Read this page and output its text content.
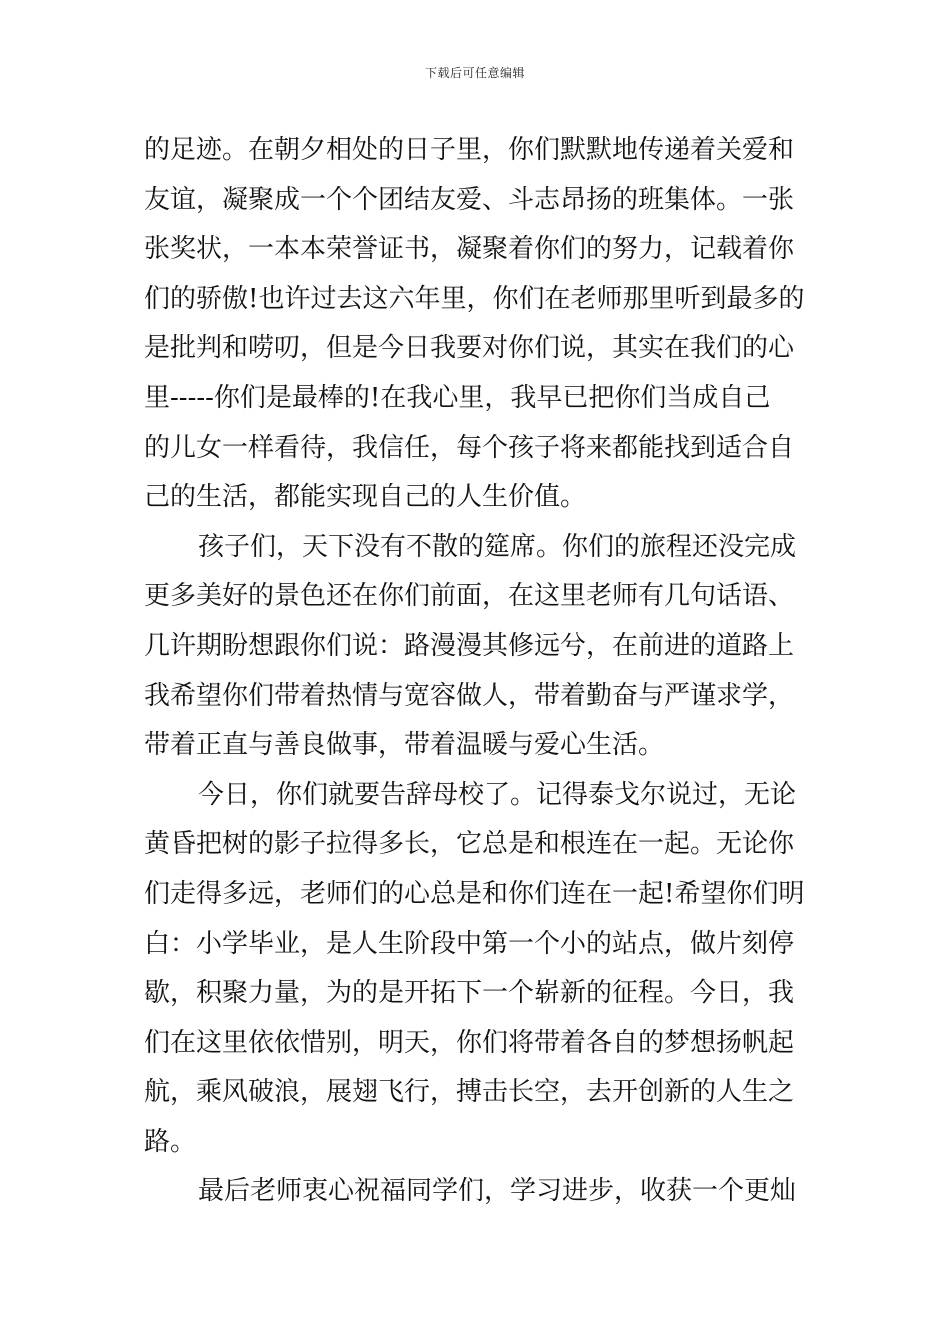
下载后可任意编辑
的足迹。在朝夕相处的日子里，你们默默地传递着关爱和
友谊，凝聚成一个个团结友爱、斗志昂扬的班集体。一张
张奖状，一本本荣誉证书，凝聚着你们的努力，记载着你
们的骄傲!也许过去这六年里，你们在老师那里听到最多的
是批判和唠叨，但是今日我要对你们说，其实在我们的心
里-----你们是最棒的!在我心里，我早已把你们当成自己
的儿女一样看待，我信任，每个孩子将来都能找到适合自
己的生活，都能实现自己的人生价值。
孩子们，天下没有不散的筵席。你们的旅程还没完成
更多美好的景色还在你们前面，在这里老师有几句话语、
几许期盼想跟你们说：路漫漫其修远兮，在前进的道路上
我希望你们带着热情与宽容做人，带着勤奋与严谨求学，
带着正直与善良做事，带着温暖与爱心生活。
今日，你们就要告辞母校了。记得泰戈尔说过，无论
黄昏把树的影子拉得多长，它总是和根连在一起。无论你
们走得多远，老师们的心总是和你们连在一起!希望你们明
白：小学毕业，是人生阶段中第一个小的站点，做片刻停
歇，积聚力量，为的是开拓下一个崭新的征程。今日，我
们在这里依依惜别，明天，你们将带着各自的梦想扬帆起
航，乘风破浪，展翅飞行，搏击长空，去开创新的人生之
路。
最后老师衷心祝福同学们，学习进步，收获一个更灿
